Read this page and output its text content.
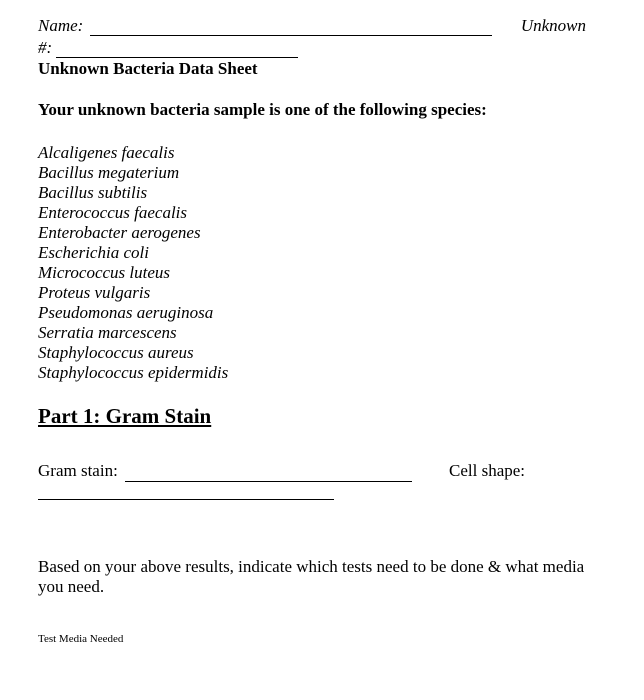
Name:	Unknown
#:
Unknown Bacteria Data Sheet
Your unknown bacteria sample is one of the following species:
Alcaligenes faecalis
Bacillus megaterium
Bacillus subtilis
Enterococcus faecalis
Enterobacter aerogenes
Escherichia coli
Micrococcus luteus
Proteus vulgaris
Pseudomonas aeruginosa
Serratia marcescens
Staphylococcus aureus
Staphylococcus epidermidis
Part 1: Gram Stain
Gram stain:	Cell shape:

Based on your above results, indicate which tests need to be done & what media you need.

Test Media Needed
